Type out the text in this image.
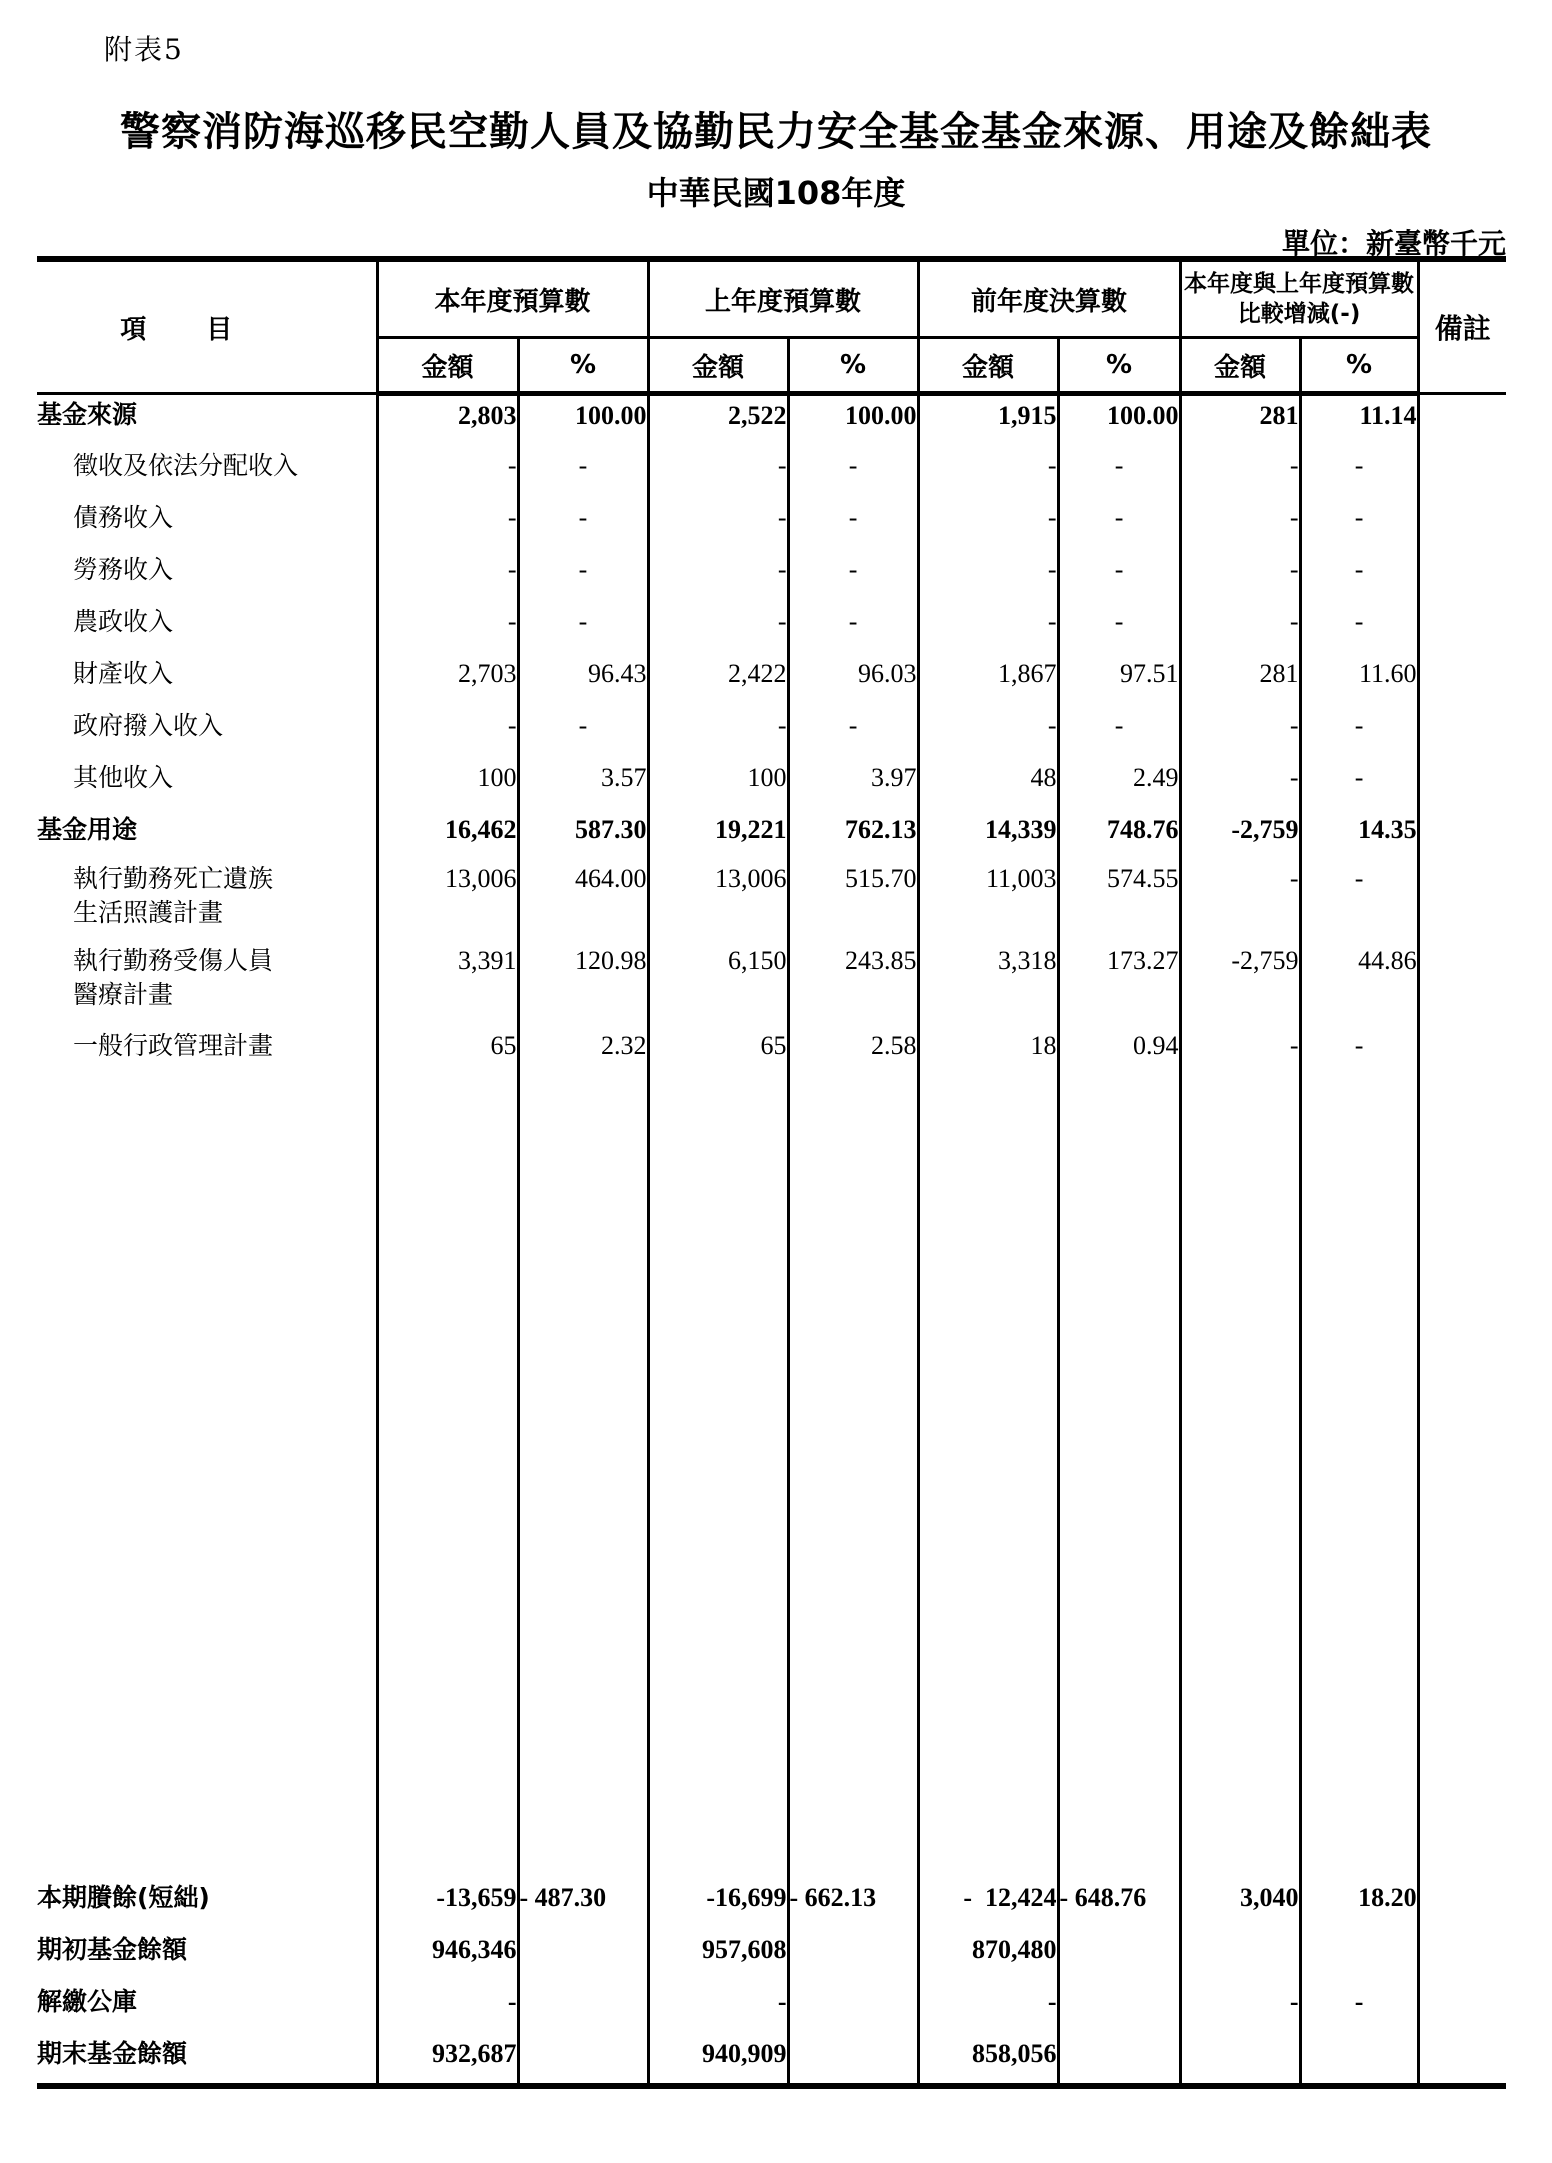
附表5
警察消防海巡移民空勤人員及協勤民力安全基金基金來源、用途及餘絀表
中華民國108年度
單位：新臺幣千元
項目	本年度預算數		上年度預算數		前年度決算數		本年度與上年度預算數比較增減(-)		備註
	金額	%	金額	%	金額	%	金額	%	
基金來源	2,803	100.00	2,522	100.00	1,915	100.00	281	11.14	
徵收及依法分配收入	-	-	-	-	-	-	-	-	
債務收入	-	-	-	-	-	-	-	-	
勞務收入	-	-	-	-	-	-	-	-	
農政收入	-	-	-	-	-	-	-	-	
財產收入	2,703	96.43	2,422	96.03	1,867	97.51	281	11.60	
政府撥入收入	-	-	-	-	-	-	-	-	
其他收入	100	3.57	100	3.97	48	2.49	-	-	
基金用途	16,462	587.30	19,221	762.13	14,339	748.76	-2,759	14.35	

執行勤務死亡遺族
生活照護計畫	13,006	464.00	13,006	515.70	11,003	574.55	-	-	

執行勤務受傷人員
醫療計畫	3,391	120.98	6,150	243.85	3,318	173.27	-2,759	44.86	
一般行政管理計畫	65	2.32	65	2.58	18	0.94	-	-	

本期賸餘(短絀)	-13,659	- 487.30	-16,699	- 662.13	-  12,424	- 648.76	3,040	18.20	
期初基金餘額	946,346		957,608		870,480				
解繳公庫	-		-		-		-	-	
期末基金餘額	932,687		940,909		858,056				
